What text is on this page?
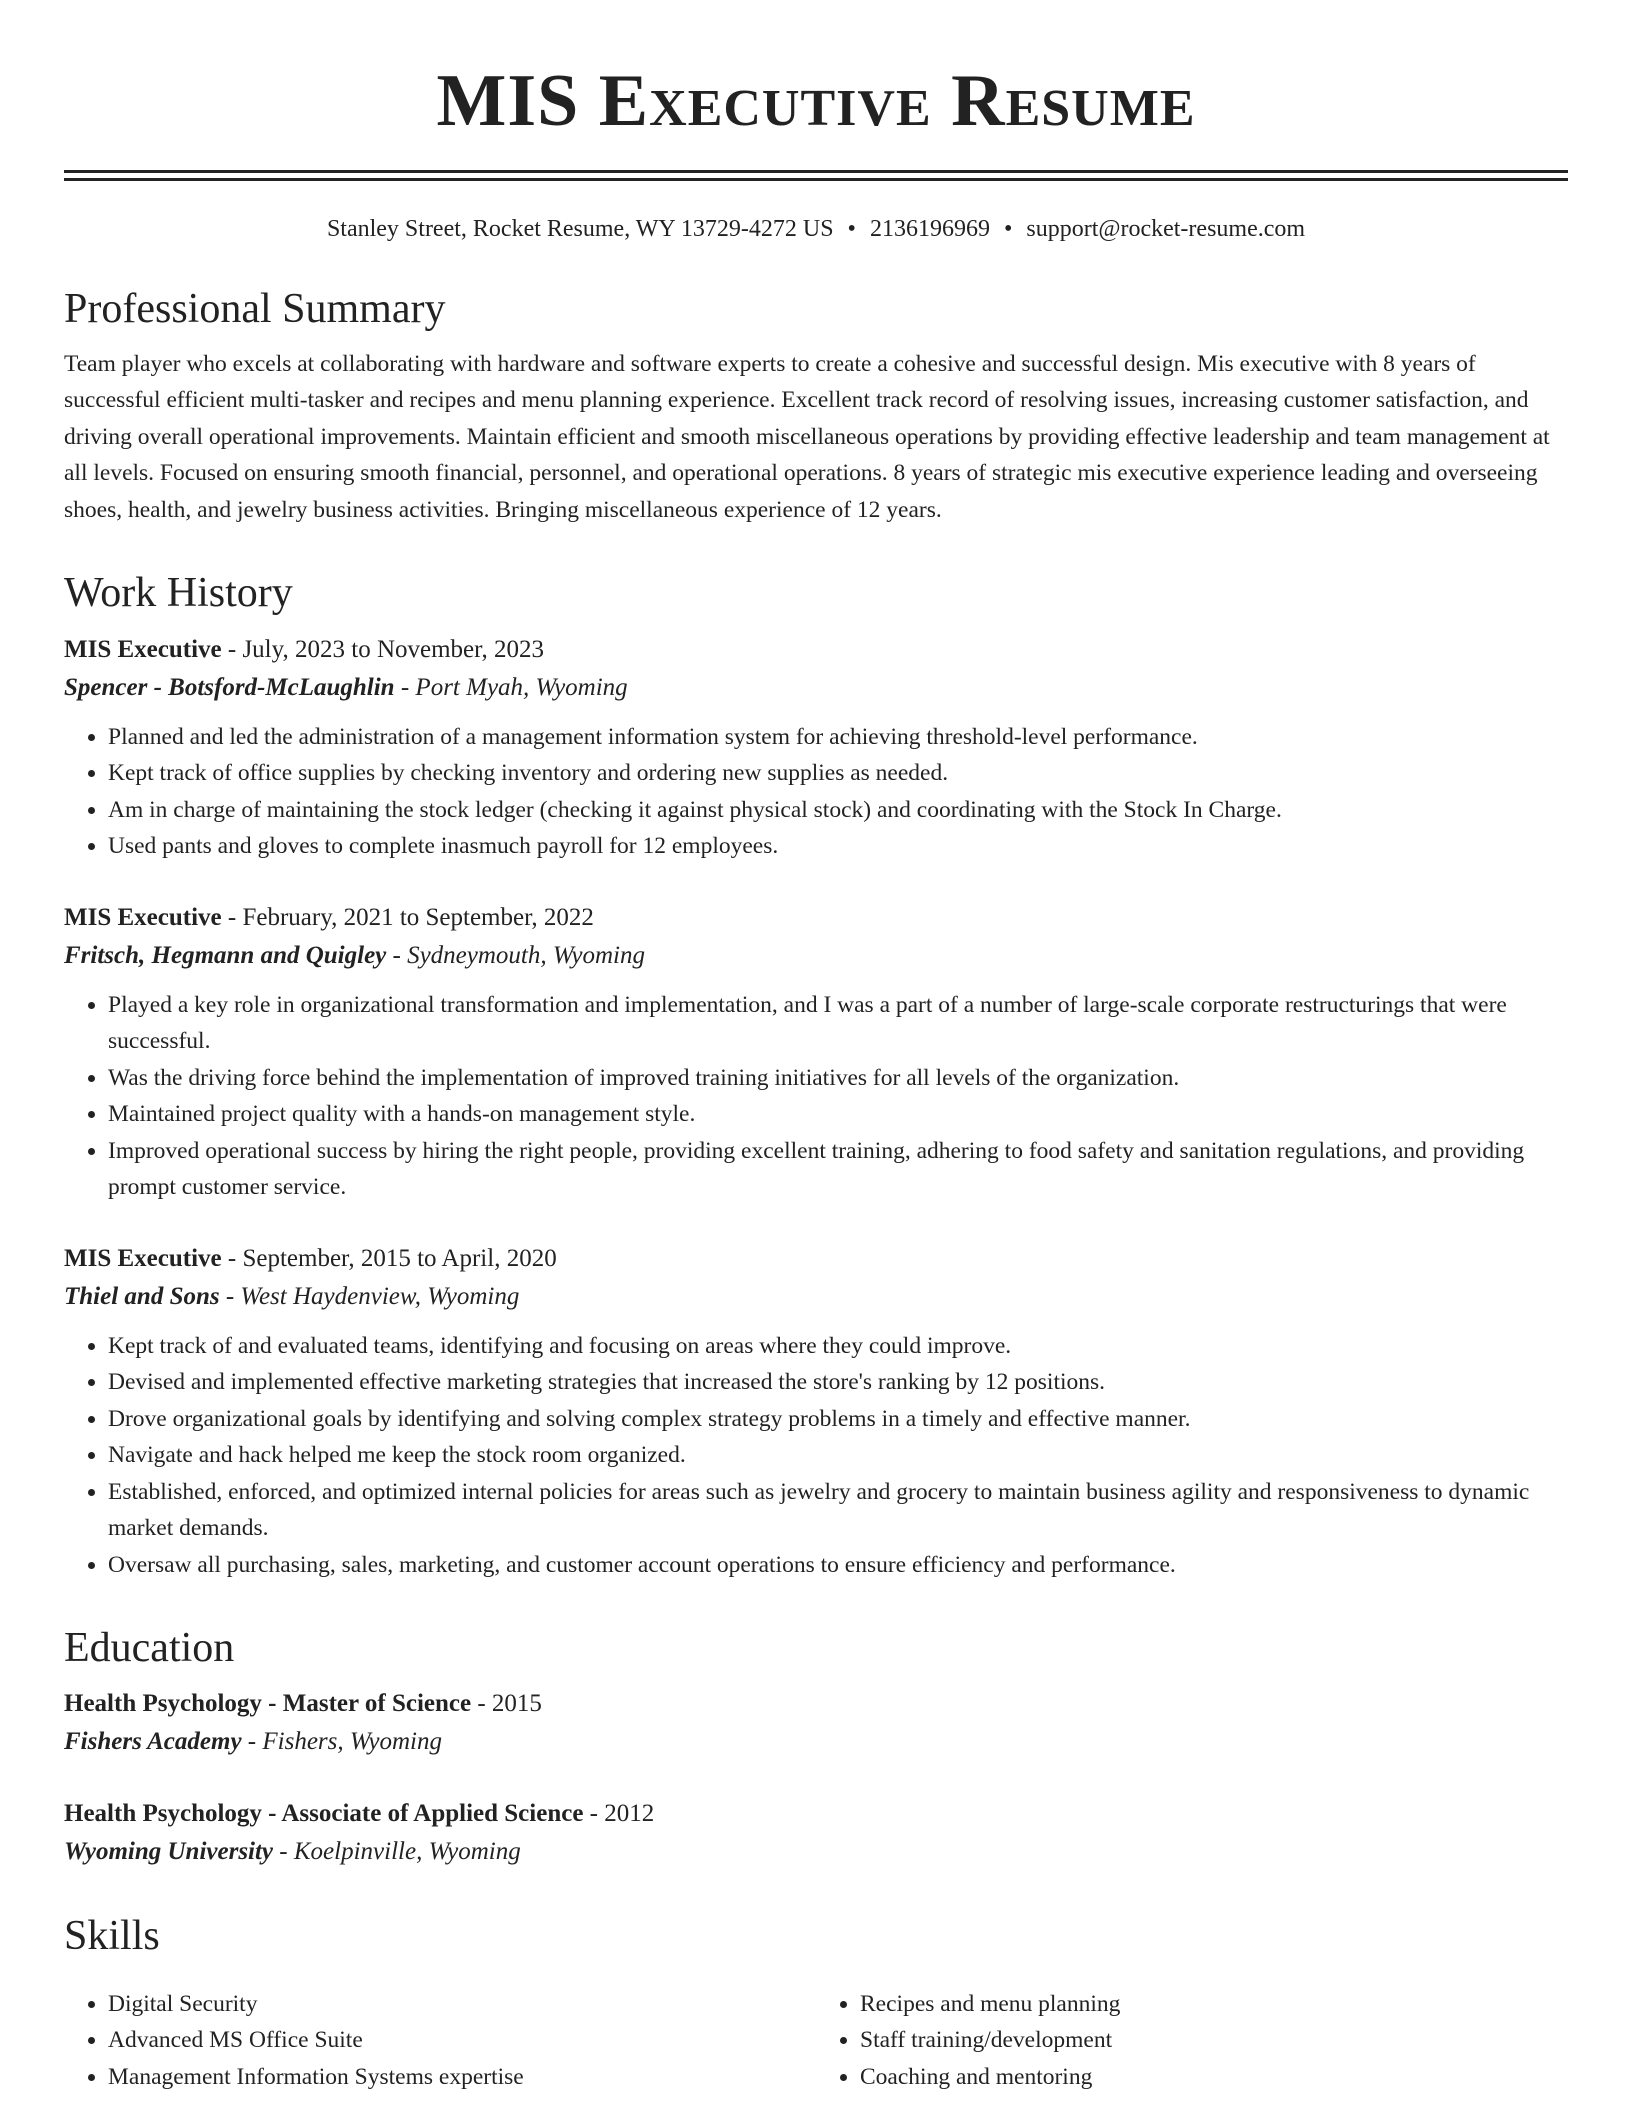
MIS Executive Resume
Stanley Street, Rocket Resume, WY 13729-4272 US • 2136196969 • support@rocket-resume.com
Professional Summary

Team player who excels at collaborating with hardware and software experts to create a cohesive and successful design. Mis executive with 8 years of successful efficient multi-tasker and recipes and menu planning experience. Excellent track record of resolving issues, increasing customer satisfaction, and driving overall operational improvements. Maintain efficient and smooth miscellaneous operations by providing effective leadership and team management at all levels. Focused on ensuring smooth financial, personnel, and operational operations. 8 years of strategic mis executive experience leading and overseeing shoes, health, and jewelry business activities. Bringing miscellaneous experience of 12 years.

Work History
MIS Executive - July, 2023 to November, 2023
Spencer - Botsford-McLaughlin - Port Myah, Wyoming
• Planned and led the administration of a management information system for achieving threshold-level performance.
• Kept track of office supplies by checking inventory and ordering new supplies as needed.
• Am in charge of maintaining the stock ledger (checking it against physical stock) and coordinating with the Stock In Charge.
• Used pants and gloves to complete inasmuch payroll for 12 employees.
MIS Executive - February, 2021 to September, 2022
Fritsch, Hegmann and Quigley - Sydneymouth, Wyoming
• Played a key role in organizational transformation and implementation, and I was a part of a number of large-scale corporate restructurings that were successful.
• Was the driving force behind the implementation of improved training initiatives for all levels of the organization.
• Maintained project quality with a hands-on management style.
• Improved operational success by hiring the right people, providing excellent training, adhering to food safety and sanitation regulations, and providing prompt customer service.
MIS Executive - September, 2015 to April, 2020
Thiel and Sons - West Haydenview, Wyoming
• Kept track of and evaluated teams, identifying and focusing on areas where they could improve.
• Devised and implemented effective marketing strategies that increased the store's ranking by 12 positions.
• Drove organizational goals by identifying and solving complex strategy problems in a timely and effective manner.
• Navigate and hack helped me keep the stock room organized.
• Established, enforced, and optimized internal policies for areas such as jewelry and grocery to maintain business agility and responsiveness to dynamic market demands.
• Oversaw all purchasing, sales, marketing, and customer account operations to ensure efficiency and performance.
Education
Health Psychology - Master of Science - 2015
Fishers Academy - Fishers, Wyoming
Health Psychology - Associate of Applied Science - 2012
Wyoming University - Koelpinville, Wyoming
Skills
• Digital Security
• Advanced MS Office Suite
• Management Information Systems expertise
• Recipes and menu planning
• Staff training/development
• Coaching and mentoring
